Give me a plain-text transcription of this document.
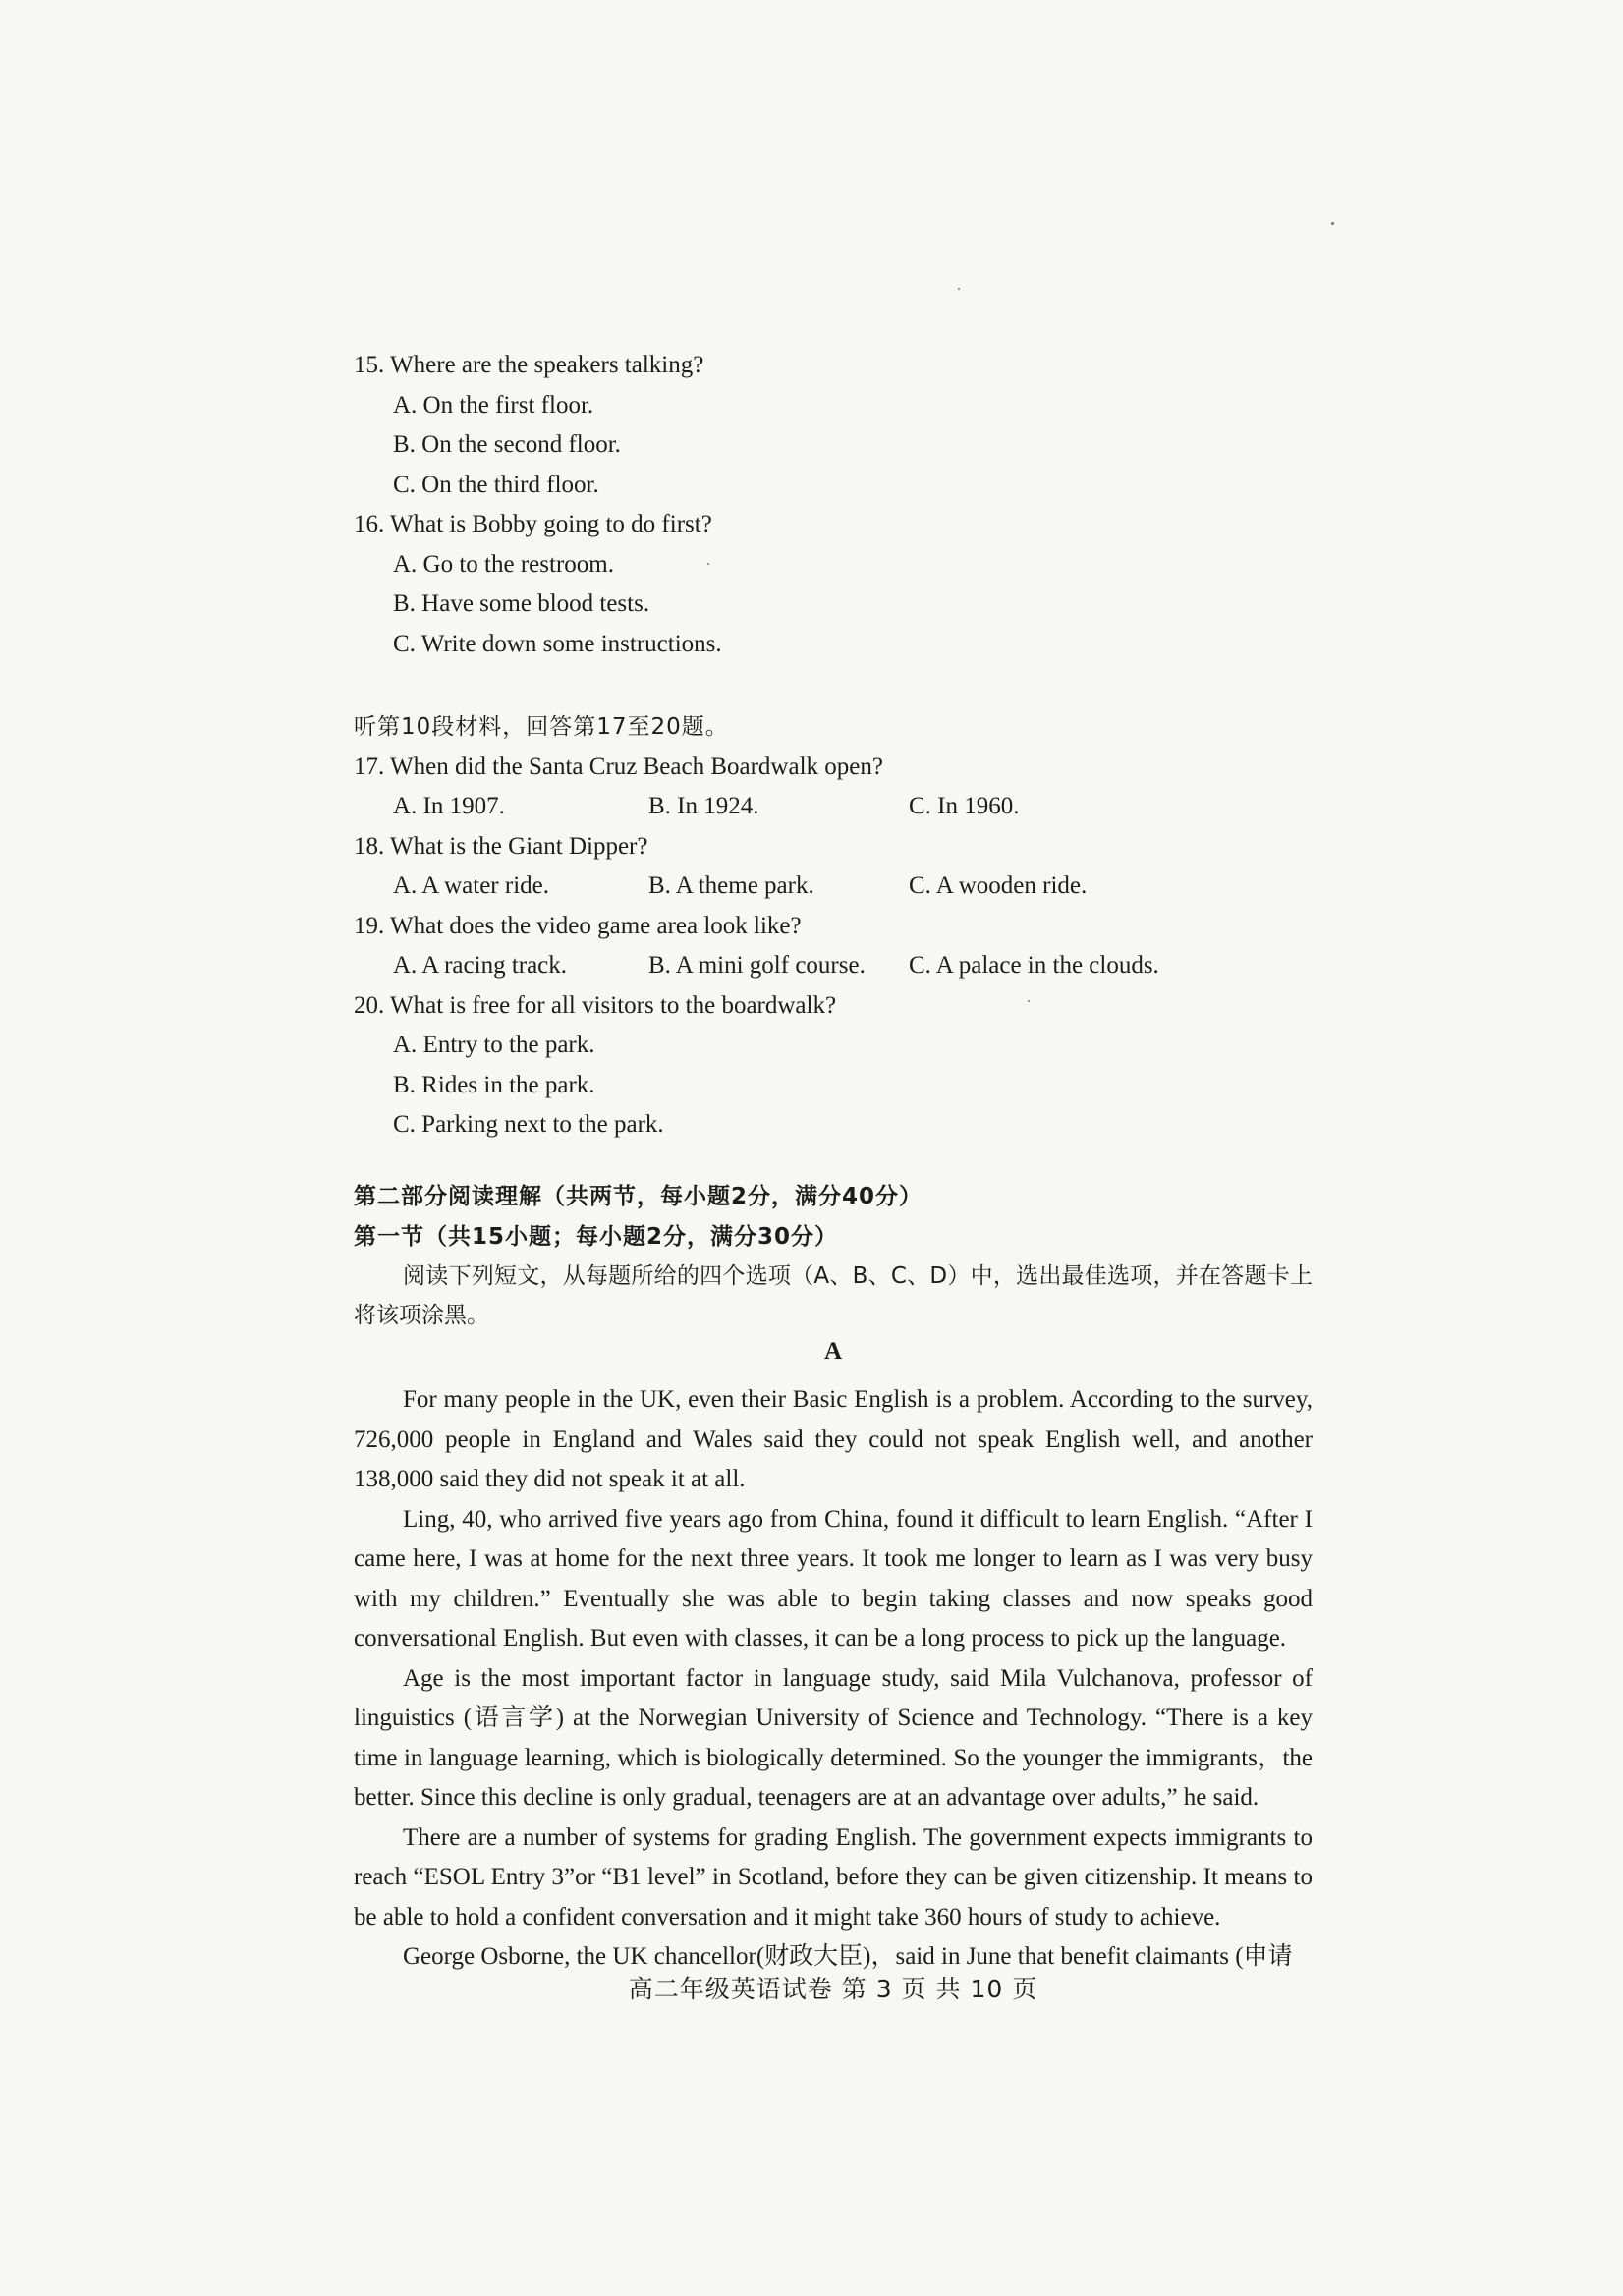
15. Where are the speakers talking?
A. On the first floor.
B. On the second floor.
C. On the third floor.
16. What is Bobby going to do first?
A. Go to the restroom.
B. Have some blood tests.
C. Write down some instructions.
听第10段材料，回答第17至20题。
17. When did the Santa Cruz Beach Boardwalk open?
A. In 1907.	B. In 1924.	C. In 1960.
18. What is the Giant Dipper?
A. A water ride.	B. A theme park.	C. A wooden ride.
19. What does the video game area look like?
A. A racing track.	B. A mini golf course. C. A palace in the clouds.
20. What is free for all visitors to the boardwalk?
A. Entry to the park.
B. Rides in the park.
C. Parking next to the park.
第二部分阅读理解（共两节，每小题2分，满分40分）
第一节（共15小题；每小题2分，满分30分）

阅读下列短文，从每题所给的四个选项（A、B、C、D）中，选出最佳选项，并在答题卡上将该项涂黑。

A

For many people in the UK, even their Basic English is a problem. According to the survey, 726,000 people in England and Wales said they could not speak English well, and another 138,000 said they did not speak it at all.

Ling, 40, who arrived five years ago from China, found it difficult to learn English. “After I came here, I was at home for the next three years. It took me longer to learn as I was very busy with my children.” Eventually she was able to begin taking classes and now speaks good conversational English. But even with classes, it can be a long process to pick up the language.

Age is the most important factor in language study, said Mila Vulchanova, professor of linguistics (语言学) at the Norwegian University of Science and Technology. “There is a key time in language learning, which is biologically determined. So the younger the immigrants，the better. Since this decline is only gradual, teenagers are at an advantage over adults,” he said.

There are a number of systems for grading English. The government expects immigrants to reach “ESOL Entry 3”or “B1 level” in Scotland, before they can be given citizenship. It means to be able to hold a confident conversation and it might take 360 hours of study to achieve.

George Osborne, the UK chancellor(财政大臣)，said in June that benefit claimants (申请

高二年级英语试卷 第 3 页 共 10 页
